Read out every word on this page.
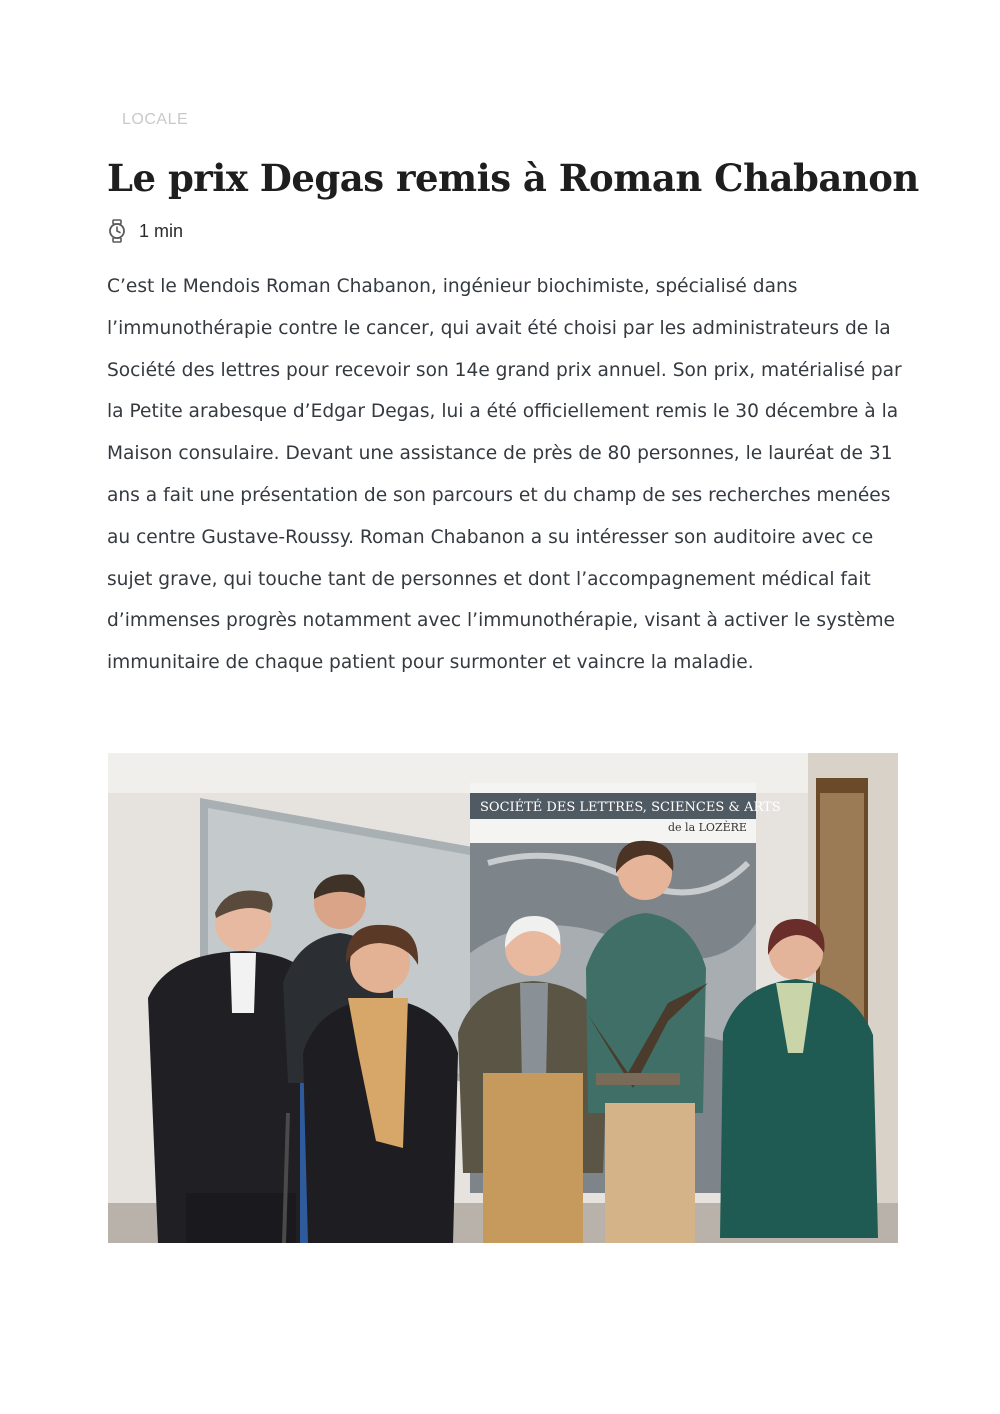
LOCALE
Le prix Degas remis à Roman Chabanon
1 min

C’est le Mendois Roman Chabanon, ingénieur biochimiste, spécialisé dans l’immunothérapie contre le cancer, qui avait été choisi par les administrateurs de la Société des lettres pour recevoir son 14e grand prix annuel. Son prix, matérialisé par la Petite arabesque d’Edgar Degas, lui a été officiellement remis le 30 décembre à la Maison consulaire. Devant une assistance de près de 80 personnes, le lauréat de 31 ans a fait une présentation de son parcours et du champ de ses recherches menées au centre Gustave-Roussy. Roman Chabanon a su intéresser son auditoire avec ce sujet grave, qui touche tant de personnes et dont l’accompagnement médical fait d’immenses progrès notamment avec l’immunothérapie, visant à activer le système immunitaire de chaque patient pour surmonter et vaincre la maladie.

SOCIÉTÉ DES LETTRES, SCIENCES & ARTS
de la LOZÈRE
